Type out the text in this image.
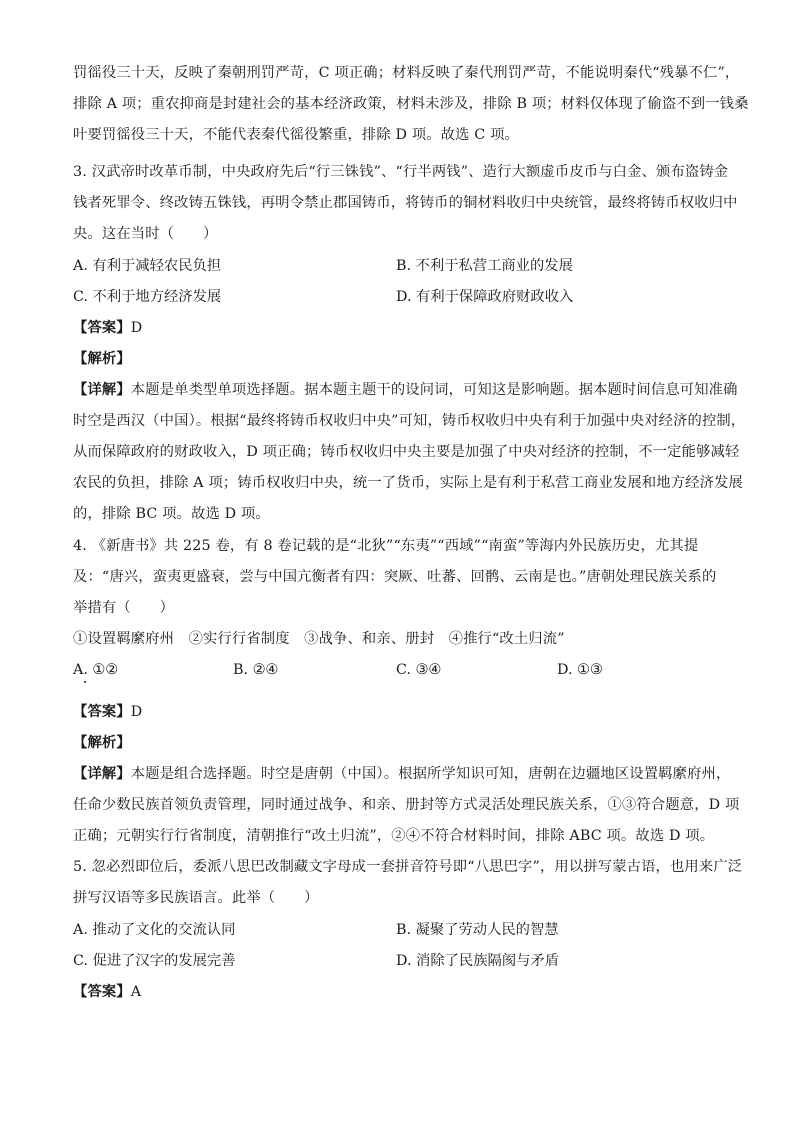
罚徭役三十天，反映了秦朝刑罚严苛，C 项正确；材料反映了秦代刑罚严苛，不能说明秦代“残暴不仁”，
排除 A 项；重农抑商是封建社会的基本经济政策，材料未涉及，排除 B 项；材料仅体现了偷盗不到一钱桑
叶要罚徭役三十天，不能代表秦代徭役繁重，排除 D 项。故选 C 项。
3. 汉武帝时改革币制，中央政府先后“行三铢钱”、“行半两钱”、造行大额虚币皮币与白金、颁布盗铸金
钱者死罪令、终改铸五铢钱，再明令禁止郡国铸币，将铸币的铜材料收归中央统管，最终将铸币权收归中
央。这在当时（　　）
A. 有利于减轻农民负担	B. 不利于私营工商业的发展
C. 不利于地方经济发展	D. 有利于保障政府财政收入
【答案】D
【解析】
【详解】本题是单类型单项选择题。据本题主题干的设问词，可知这是影响题。据本题时间信息可知准确
时空是西汉（中国）。根据“最终将铸币权收归中央”可知，铸币权收归中央有利于加强中央对经济的控制，
从而保障政府的财政收入，D 项正确；铸币权收归中央主要是加强了中央对经济的控制，不一定能够减轻
农民的负担，排除 A 项；铸币权收归中央，统一了货币，实际上是有利于私营工商业发展和地方经济发展
的，排除 BC 项。故选 D 项。
4. 《新唐书》共 225 卷，有 8 卷记载的是“北狄”“东夷”“西域”“南蛮”等海内外民族历史，尤其提
及：“唐兴，蛮夷更盛衰，尝与中国亢衡者有四：突厥、吐蕃、回鹘、云南是也。”唐朝处理民族关系的
举措有（　　）
①设置羁縻府州　②实行行省制度　③战争、和亲、册封　④推行“改土归流”
A. ①②	B. ②④	C. ③④	D. ①③
【答案】D
【解析】
【详解】本题是组合选择题。时空是唐朝（中国）。根据所学知识可知，唐朝在边疆地区设置羁縻府州，
任命少数民族首领负责管理，同时通过战争、和亲、册封等方式灵活处理民族关系，①③符合题意，D 项
正确；元朝实行行省制度，清朝推行“改土归流”，②④不符合材料时间，排除 ABC 项。故选 D 项。
5. 忽必烈即位后，委派八思巴改制藏文字母成一套拼音符号即“八思巴字”，用以拼写蒙古语，也用来广泛
拼写汉语等多民族语言。此举（　　）
A. 推动了文化的交流认同	B. 凝聚了劳动人民的智慧
C. 促进了汉字的发展完善	D. 消除了民族隔阂与矛盾
【答案】A
